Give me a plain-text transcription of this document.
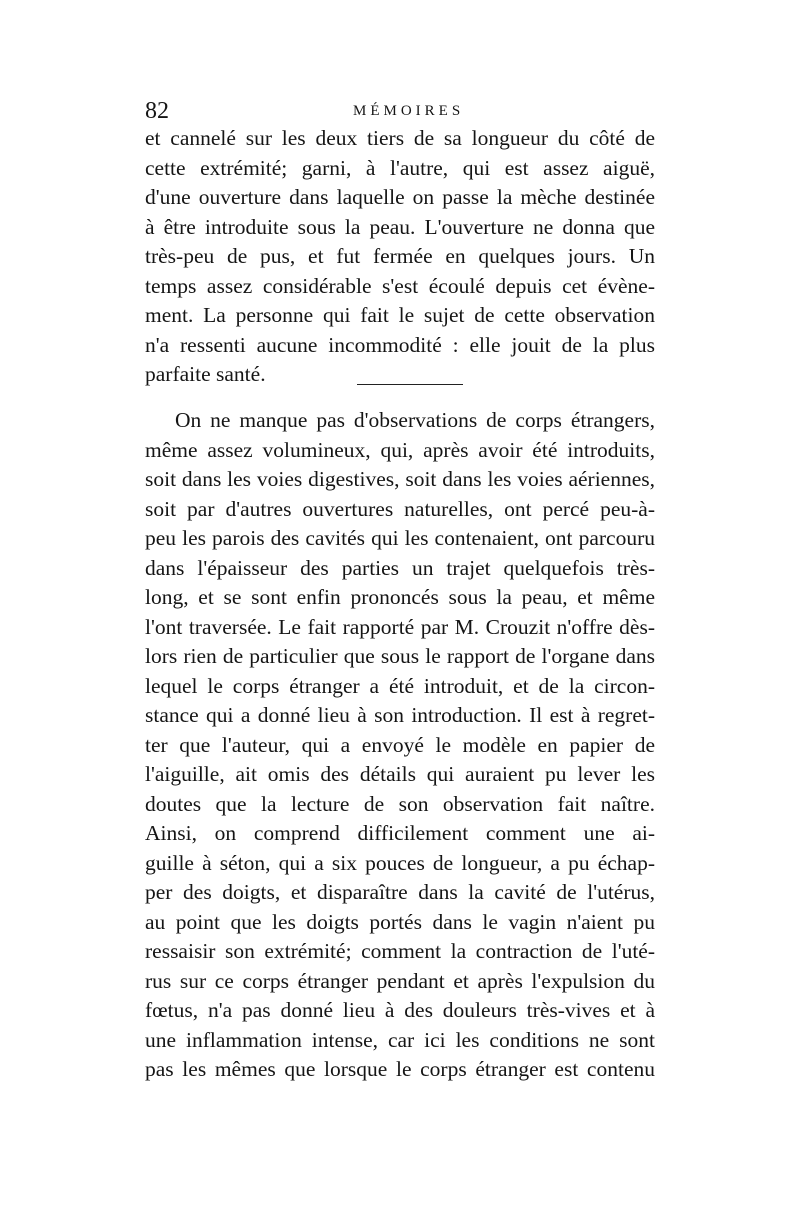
82	MÉMOIRES

et cannelé sur les deux tiers de sa longueur du côté de
cette extrémité; garni, à l'autre, qui est assez aiguë,
d'une ouverture dans laquelle on passe la mèche destinée
à être introduite sous la peau. L'ouverture ne donna que
très-peu de pus, et fut fermée en quelques jours. Un
temps assez considérable s'est écoulé depuis cet évène-
ment. La personne qui fait le sujet de cette observation
n'a ressenti aucune incommodité : elle jouit de la plus
parfaite santé.

On ne manque pas d'observations de corps étrangers,
même assez volumineux, qui, après avoir été introduits,
soit dans les voies digestives, soit dans les voies aériennes,
soit par d'autres ouvertures naturelles, ont percé peu-à-
peu les parois des cavités qui les contenaient, ont parcouru
dans l'épaisseur des parties un trajet quelquefois très-
long, et se sont enfin prononcés sous la peau, et même
l'ont traversée. Le fait rapporté par M. Crouzit n'offre dès-
lors rien de particulier que sous le rapport de l'organe dans
lequel le corps étranger a été introduit, et de la circon-
stance qui a donné lieu à son introduction. Il est à regret-
ter que l'auteur, qui a envoyé le modèle en papier de
l'aiguille, ait omis des détails qui auraient pu lever les
doutes que la lecture de son observation fait naître.
Ainsi, on comprend difficilement comment une ai-
guille à séton, qui a six pouces de longueur, a pu échap-
per des doigts, et disparaître dans la cavité de l'utérus,
au point que les doigts portés dans le vagin n'aient pu
ressaisir son extrémité; comment la contraction de l'uté-
rus sur ce corps étranger pendant et après l'expulsion du
fœtus, n'a pas donné lieu à des douleurs très-vives et à
une inflammation intense, car ici les conditions ne sont
pas les mêmes que lorsque le corps étranger est contenu
